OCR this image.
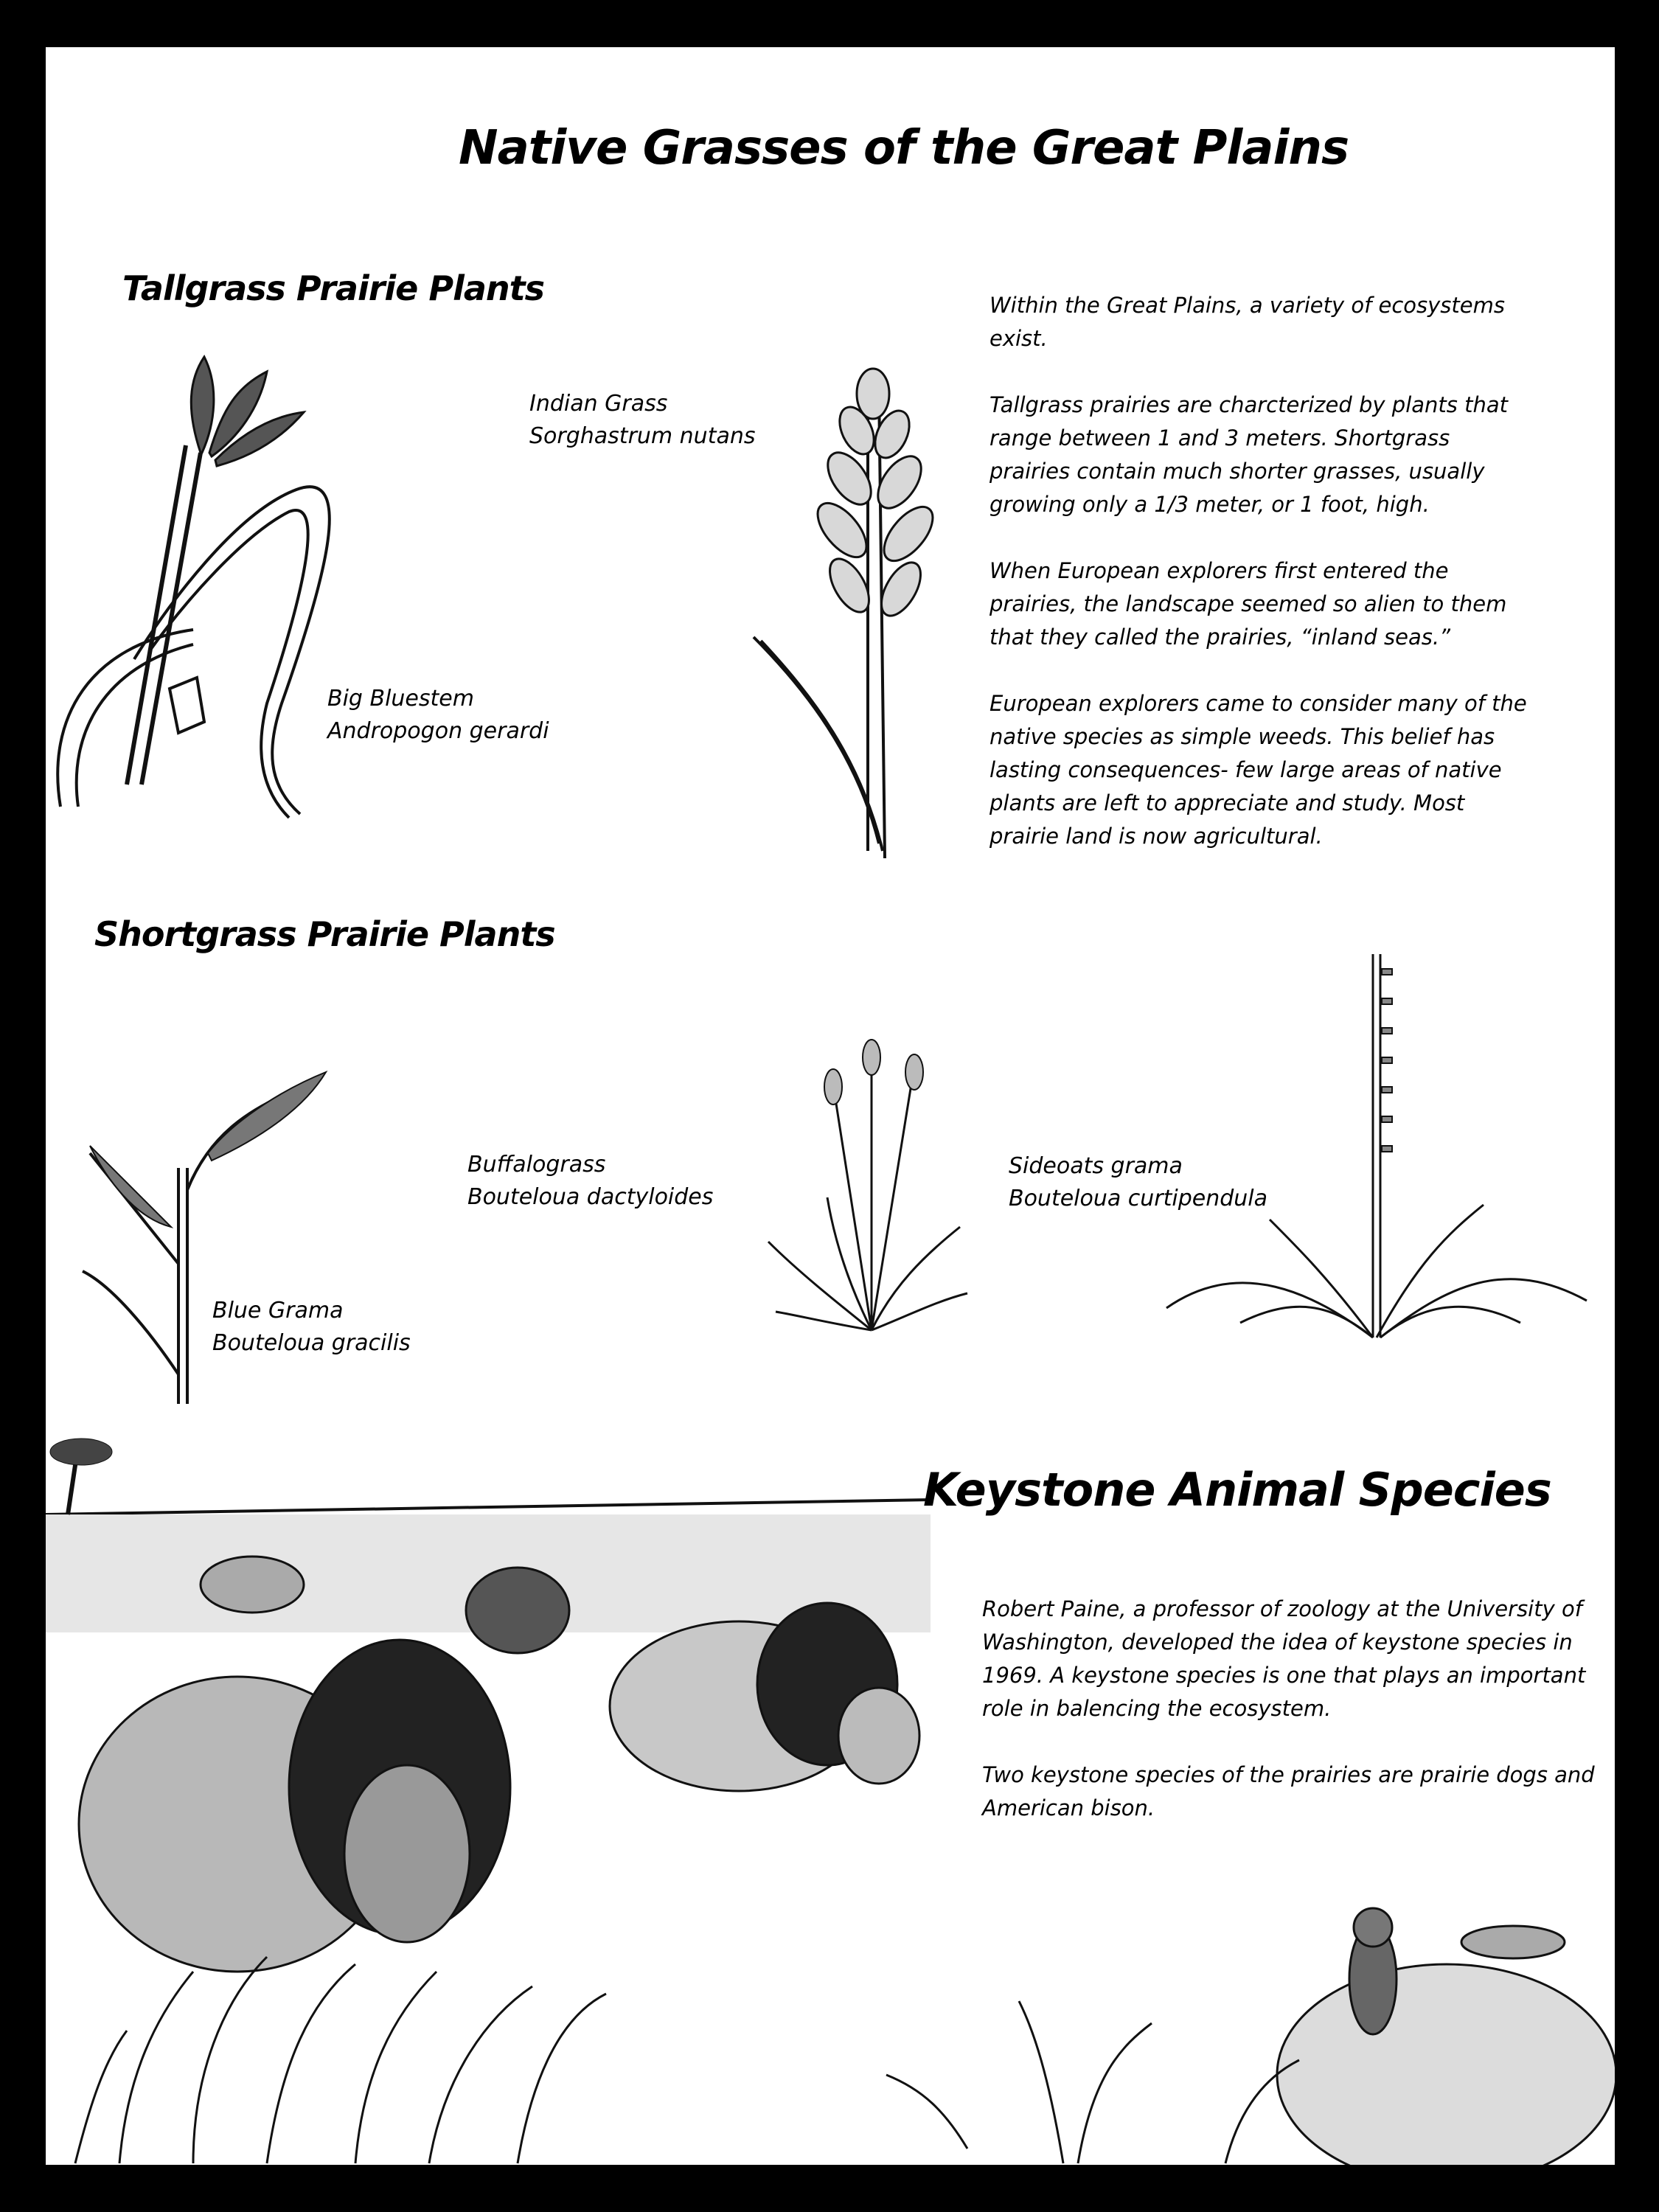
Native Grasses of the Great Plains
Tallgrass Prairie Plants
Big Bluestem
Andropogon gerardi
Indian Grass
Sorghastrum nutans

Within the Great Plains, a variety of ecosystems
exist.

Tallgrass prairies are charcterized by plants that
range between 1 and 3 meters. Shortgrass
prairies contain much shorter grasses, usually
growing only a 1/3 meter, or 1 foot, high.

When European explorers first entered the
prairies, the landscape seemed so alien to them
that they called the prairies, “inland seas.”

European explorers came to consider many of the
native species as simple weeds. This belief has
lasting consequences- few large areas of native
plants are left to appreciate and study. Most
prairie land is now agricultural.

Shortgrass Prairie Plants
Blue Grama
Bouteloua gracilis
Buffalograss
Bouteloua dactyloides
Sideoats grama
Bouteloua curtipendula
Keystone Animal Species

Robert Paine, a professor of zoology at the University of
Washington, developed the idea of keystone species in
1969. A keystone species is one that plays an important
role in balencing the ecosystem.

Two keystone species of the prairies are prairie dogs and
American bison.
